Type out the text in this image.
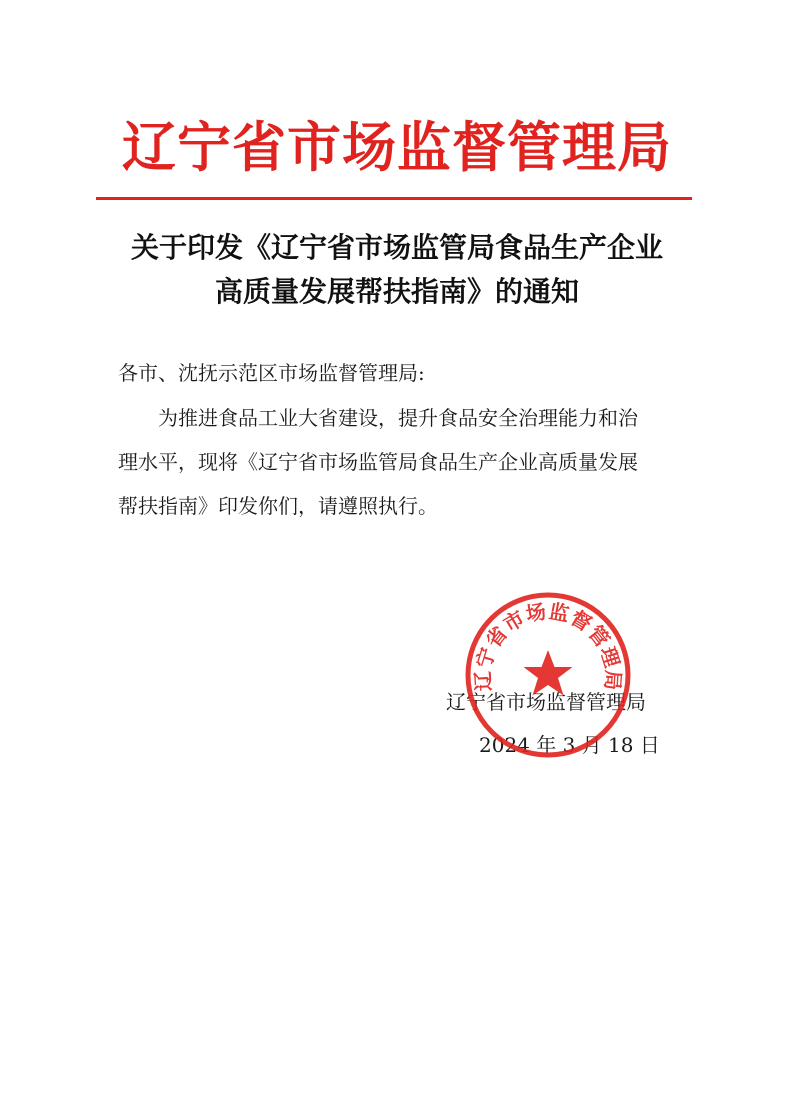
辽宁省市场监督管理局
关于印发《辽宁省市场监管局食品生产企业
高质量发展帮扶指南》的通知
各市、沈抚示范区市场监督管理局:
为推进食品工业大省建设，提升食品安全治理能力和治
理水平，现将《辽宁省市场监管局食品生产企业高质量发展
帮扶指南》印发你们，请遵照执行。
辽宁省市场监督管理局
2024 年 3 月 18 日
辽宁省市场监督管理局
